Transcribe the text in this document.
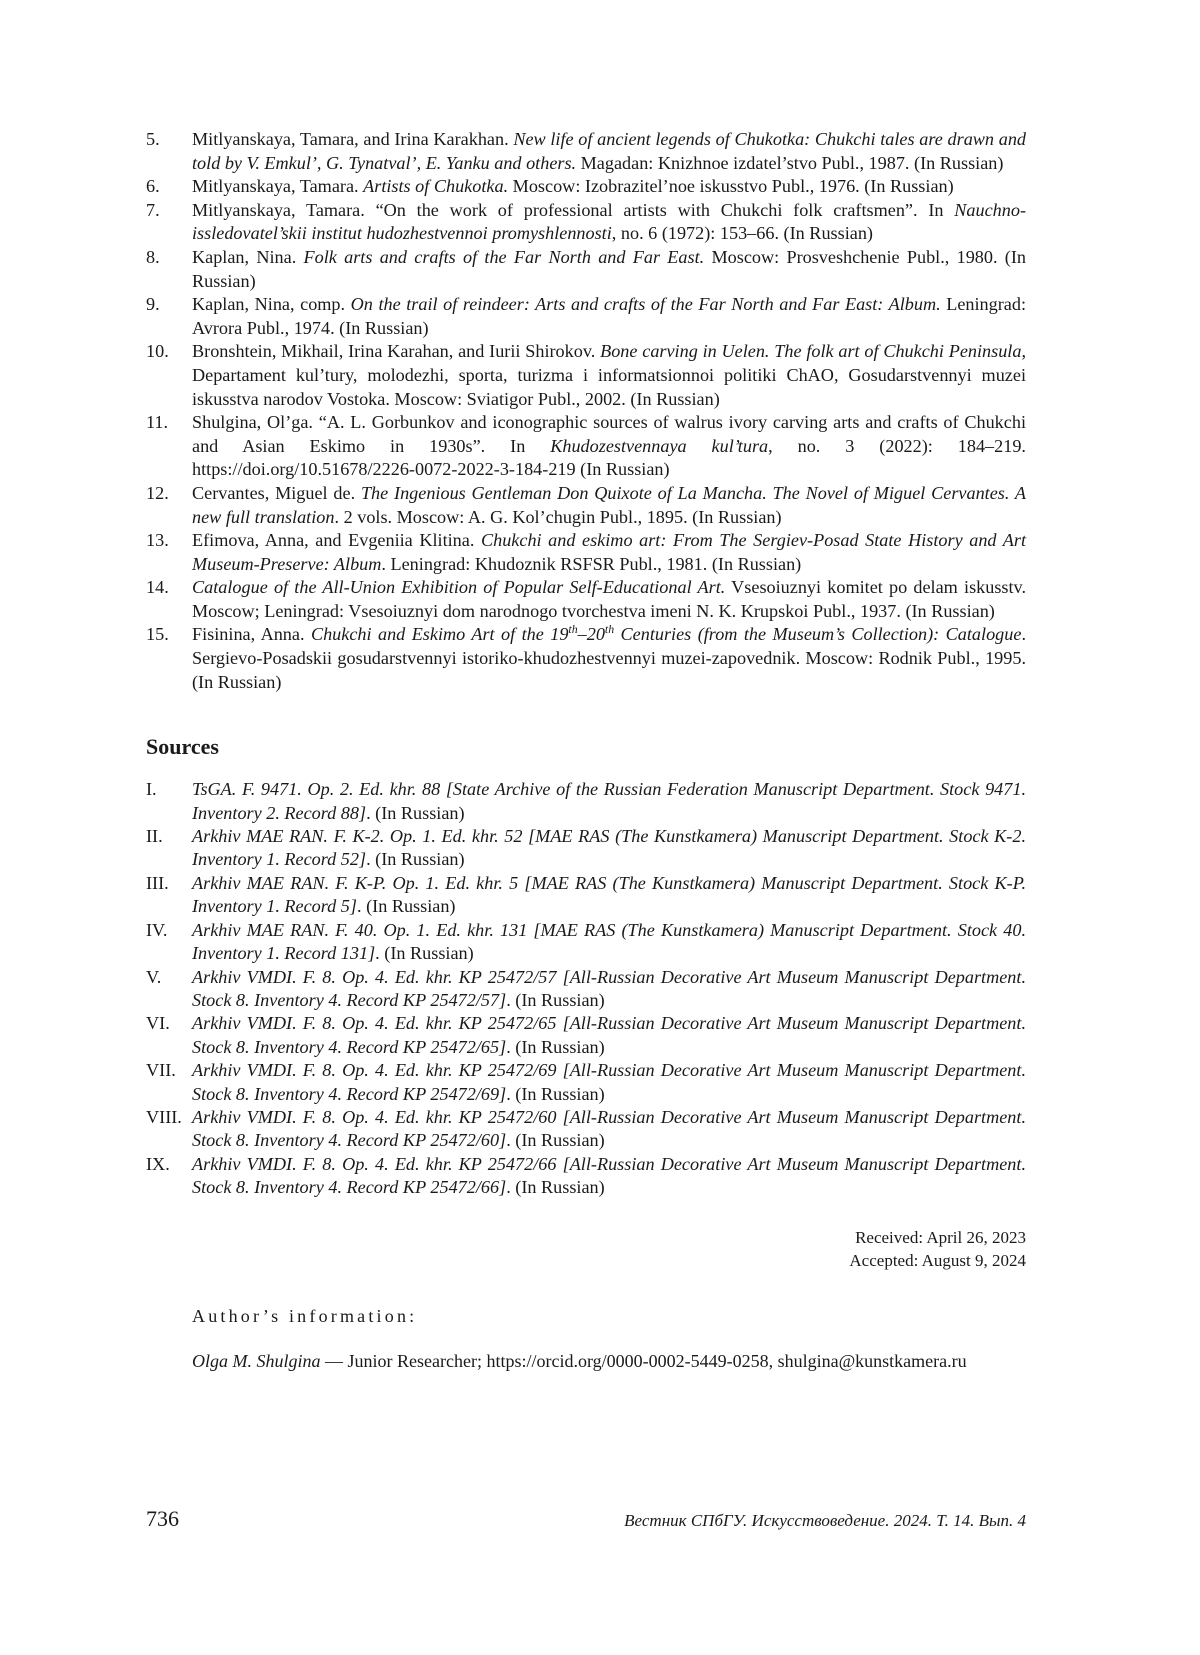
5.	Mitlyanskaya, Tamara, and Irina Karakhan. New life of ancient legends of Chukotka: Chukchi tales are drawn and told by V. Emkul’, G. Tynatval’, E. Yanku and others. Magadan: Knizhnoe izdatel’stvo Publ., 1987. (In Russian)
6.	Mitlyanskaya, Tamara. Artists of Chukotka. Moscow: Izobrazitel’noe iskusstvo Publ., 1976. (In Russian)
7.	Mitlyanskaya, Tamara. “On the work of professional artists with Chukchi folk craftsmen”. In Nauchno-issledovatel’skii institut hudozhestvennoi promyshlennosti, no. 6 (1972): 153–66. (In Russian)
8.	Kaplan, Nina. Folk arts and crafts of the Far North and Far East. Moscow: Prosveshchenie Publ., 1980. (In Russian)
9.	Kaplan, Nina, comp. On the trail of reindeer: Arts and crafts of the Far North and Far East: Album. Leningrad: Avrora Publ., 1974. (In Russian)
10.	Bronshtein, Mikhail, Irina Karahan, and Iurii Shirokov. Bone carving in Uelen. The folk art of Chukchi Peninsula, Departament kul’tury, molodezhi, sporta, turizma i informatsionnoi politiki ChAO, Gosudarstvennyi muzei iskusstva narodov Vostoka. Moscow: Sviatigor Publ., 2002. (In Russian)
11.	Shulgina, Ol’ga. “A. L. Gorbunkov and iconographic sources of walrus ivory carving arts and crafts of Chukchi and Asian Eskimo in 1930s”. In Khudozestvennaya kul’tura, no. 3 (2022): 184–219. https://doi.org/10.51678/2226-0072-2022-3-184-219 (In Russian)
12.	Cervantes, Miguel de. The Ingenious Gentleman Don Quixote of La Mancha. The Novel of Miguel Cervantes. A new full translation. 2 vols. Moscow: A. G. Kol’chugin Publ., 1895. (In Russian)
13.	Efimova, Anna, and Evgeniia Klitina. Chukchi and eskimo art: From The Sergiev-Posad State History and Art Museum-Preserve: Album. Leningrad: Khudoznik RSFSR Publ., 1981. (In Russian)
14.	Catalogue of the All-Union Exhibition of Popular Self-Educational Art. Vsesoiuznyi komitet po delam iskusstv. Moscow; Leningrad: Vsesoiuznyi dom narodnogo tvorchestva imeni N. K. Krupskoi Publ., 1937. (In Russian)
15.	Fisinina, Anna. Chukchi and Eskimo Art of the 19th–20th Centuries (from the Museum’s Collection): Catalogue. Sergievo-Posadskii gosudarstvennyi istoriko-khudozhestvennyi muzei-zapovednik. Moscow: Rodnik Publ., 1995. (In Russian)
Sources
I.	TsGA. F. 9471. Op. 2. Ed. khr. 88 [State Archive of the Russian Federation Manuscript Department. Stock 9471. Inventory 2. Record 88]. (In Russian)
II.	Arkhiv MAE RAN. F. K-2. Op. 1. Ed. khr. 52 [MAE RAS (The Kunstkamera) Manuscript Department. Stock K-2. Inventory 1. Record 52]. (In Russian)
III.	Arkhiv MAE RAN. F. K-P. Op. 1. Ed. khr. 5 [MAE RAS (The Kunstkamera) Manuscript Department. Stock K-P. Inventory 1. Record 5]. (In Russian)
IV.	Arkhiv MAE RAN. F. 40. Op. 1. Ed. khr. 131 [MAE RAS (The Kunstkamera) Manuscript Department. Stock 40. Inventory 1. Record 131]. (In Russian)
V.	Arkhiv VMDI. F. 8. Op. 4. Ed. khr. KP 25472/57 [All-Russian Decorative Art Museum Manuscript Department. Stock 8. Inventory 4. Record KP 25472/57]. (In Russian)
VI.	Arkhiv VMDI. F. 8. Op. 4. Ed. khr. KP 25472/65 [All-Russian Decorative Art Museum Manuscript Department. Stock 8. Inventory 4. Record KP 25472/65]. (In Russian)
VII. Arkhiv VMDI. F. 8. Op. 4. Ed. khr. KP 25472/69 [All-Russian Decorative Art Museum Manuscript Department. Stock 8. Inventory 4. Record KP 25472/69]. (In Russian)
VIII. Arkhiv VMDI. F. 8. Op. 4. Ed. khr. KP 25472/60 [All-Russian Decorative Art Museum Manuscript Department. Stock 8. Inventory 4. Record KP 25472/60]. (In Russian)
IX.	Arkhiv VMDI. F. 8. Op. 4. Ed. khr. KP 25472/66 [All-Russian Decorative Art Museum Manuscript Department. Stock 8. Inventory 4. Record KP 25472/66]. (In Russian)
Received: April 26, 2023
Accepted: August 9, 2024
Author’s information:
Olga M. Shulgina — Junior Researcher; https://orcid.org/0000-0002-5449-0258, shulgina@kunstkamera.ru
736	Вестник СПбГУ. Искусствоведение. 2024. Т. 14. Вып. 4
